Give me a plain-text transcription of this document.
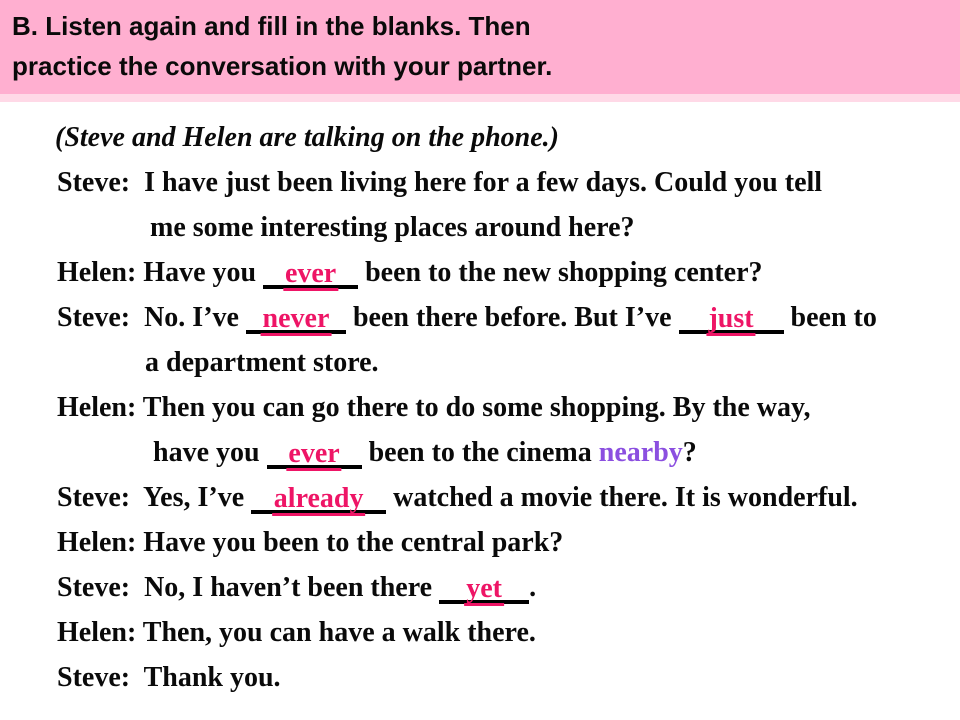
B. Listen again and fill in the blanks. Then
practice the conversation with your partner.
(Steve and Helen are talking on the phone.)
Steve:  I have just been living here for a few days. Could you tell
me some interesting places around here?
Helen: Have you ever been to the new shopping center?
Steve:  No. I’ve never been there before. But I’ve just been to
a department store.
Helen: Then you can go there to do some shopping. By the way,
have you ever been to the cinema nearby?
Steve:  Yes, I’ve already watched a movie there. It is wonderful.
Helen: Have you been to the central park?
Steve:  No, I haven’t been there yet .
Helen: Then, you can have a walk there.
Steve:  Thank you.
